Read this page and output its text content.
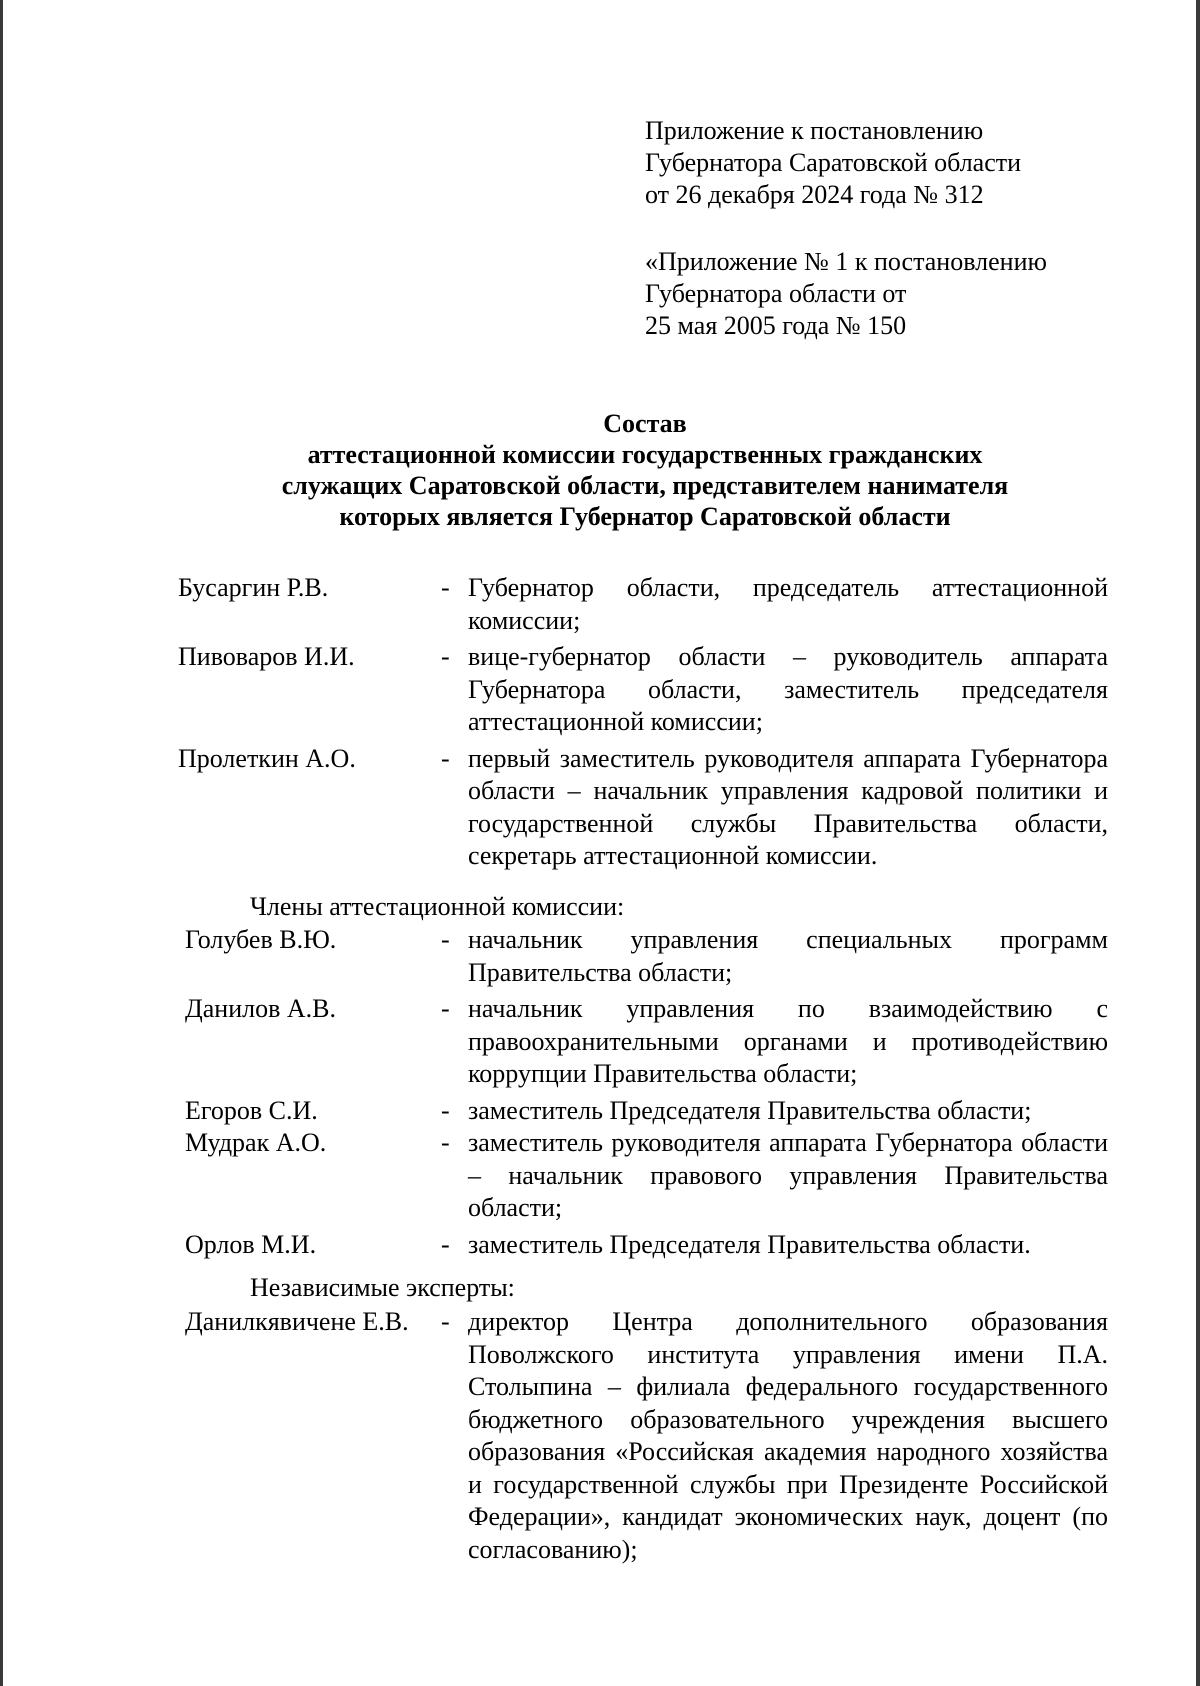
Приложение к постановлению
Губернатора Саратовской области
от 26 декабря 2024 года № 312
«Приложение № 1 к постановлению
Губернатора области от
25 мая 2005 года № 150
Состав
аттестационной комиссии государственных гражданских
служащих Саратовской области, представителем нанимателя
которых является Губернатор Саратовской области
Бусаргин Р.В.	- Губернатор области, председатель аттестационной комиссии;
Пивоваров И.И.	- вице-губернатор области – руководитель аппарата Губернатора области, заместитель председателя аттестационной комиссии;
Пролеткин А.О.	- первый заместитель руководителя аппарата Губернатора области – начальник управления кадровой политики и государственной службы Правительства области, секретарь аттестационной комиссии.
Члены аттестационной комиссии:
Голубев В.Ю.	- начальник управления специальных программ Правительства области;
Данилов А.В.	- начальник управления по взаимодействию с правоохранительными органами и противодействию коррупции Правительства области;
Егоров С.И.	- заместитель Председателя Правительства области;
Мудрак А.О.	- заместитель руководителя аппарата Губернатора области – начальник правового управления Правительства области;
Орлов М.И.	- заместитель Председателя Правительства области.
Независимые эксперты:
Данилкявичене Е.В. - директор Центра дополнительного образования Поволжского института управления имени П.А. Столыпина – филиала федерального государственного бюджетного образовательного учреждения высшего образования «Российская академия народного хозяйства и государственной службы при Президенте Российской Федерации», кандидат экономических наук, доцент (по согласованию);
